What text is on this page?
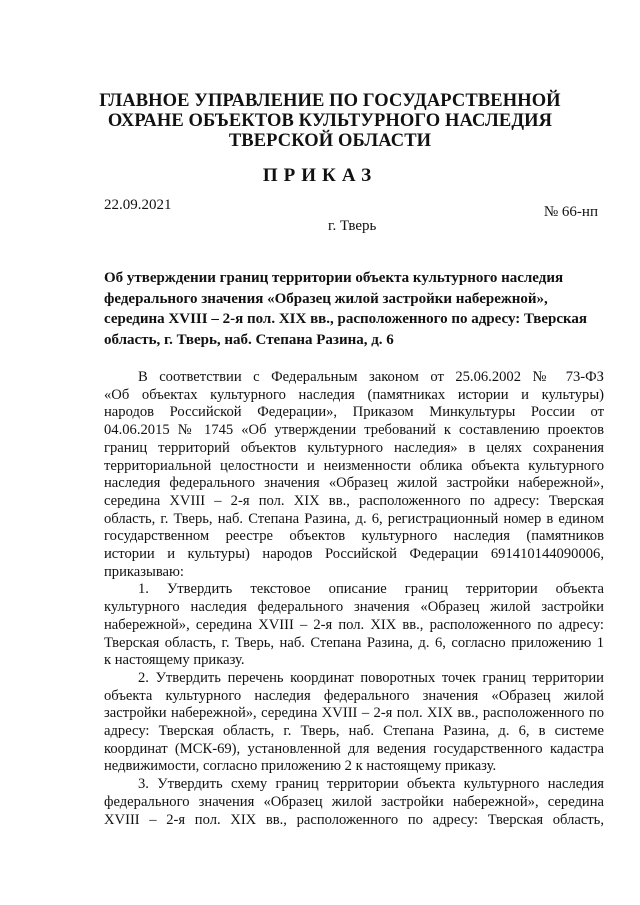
ГЛАВНОЕ УПРАВЛЕНИЕ ПО ГОСУДАРСТВЕННОЙ
ОХРАНЕ ОБЪЕКТОВ КУЛЬТУРНОГО НАСЛЕДИЯ
ТВЕРСКОЙ ОБЛАСТИ
ПРИКАЗ
22.09.2021	№ 66-нп
г. Тверь
Об утверждении границ территории объекта культурного наследия
федерального значения «Образец жилой застройки набережной»,
середина XVIII – 2-я пол. XIX вв., расположенного по адресу: Тверская
область, г. Тверь, наб. Степана Разина, д. 6
В соответствии с Федеральным законом от 25.06.2002 № 73-ФЗ
«Об объектах культурного наследия (памятниках истории и культуры)
народов Российской Федерации», Приказом Минкультуры России от
04.06.2015 № 1745 «Об утверждении требований к составлению проектов
границ территорий объектов культурного наследия» в целях сохранения
территориальной целостности и неизменности облика объекта культурного
наследия федерального значения «Образец жилой застройки набережной»,
середина XVIII – 2-я пол. XIX вв., расположенного по адресу: Тверская
область, г. Тверь, наб. Степана Разина, д. 6, регистрационный номер в едином
государственном реестре объектов культурного наследия (памятников
истории и культуры) народов Российской Федерации 691410144090006,
приказываю:
1. Утвердить текстовое описание границ территории объекта
культурного наследия федерального значения «Образец жилой застройки
набережной», середина XVIII – 2-я пол. XIX вв., расположенного по адресу:
Тверская область, г. Тверь, наб. Степана Разина, д. 6, согласно приложению 1
к настоящему приказу.
2. Утвердить перечень координат поворотных точек границ территории
объекта культурного наследия федерального значения «Образец жилой
застройки набережной», середина XVIII – 2-я пол. XIX вв., расположенного по
адресу: Тверская область, г. Тверь, наб. Степана Разина, д. 6, в системе
координат (МСК-69), установленной для ведения государственного кадастра
недвижимости, согласно приложению 2 к настоящему приказу.
3. Утвердить схему границ территории объекта культурного наследия
федерального значения «Образец жилой застройки набережной», середина
XVIII – 2-я пол. XIX вв., расположенного по адресу: Тверская область,
